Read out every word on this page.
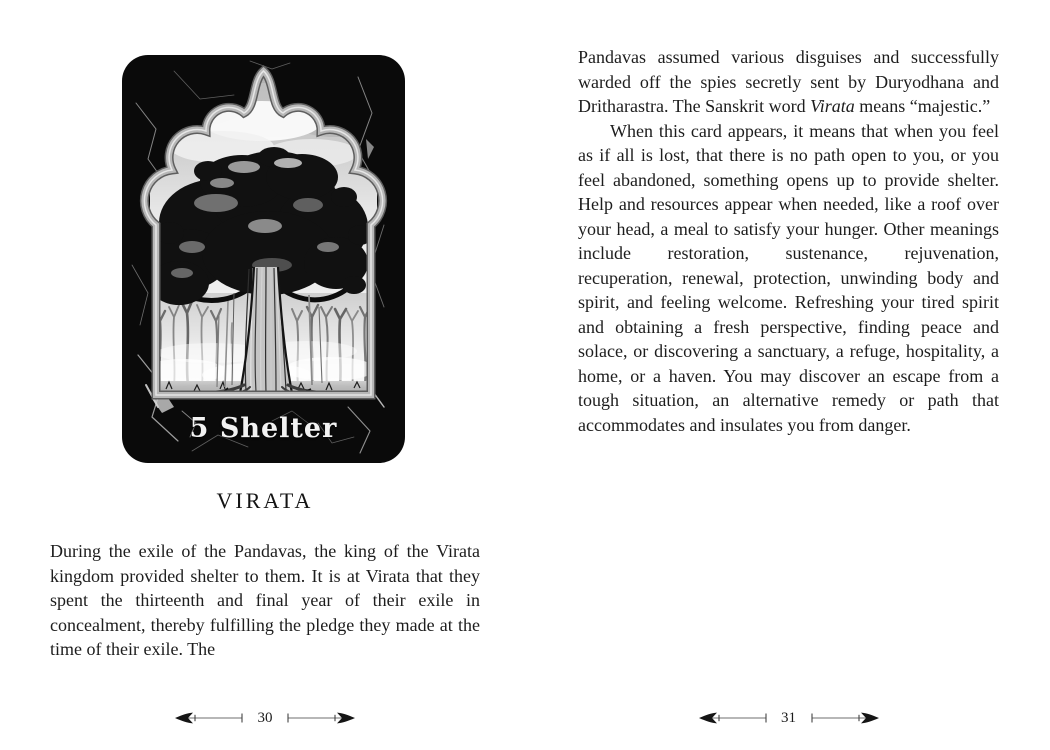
5 Shelter
VIRATA

During the exile of the Pandavas, the king of the Virata kingdom provided shelter to them. It is at Virata that they spent the thirteenth and final year of their exile in concealment, thereby fulfilling the pledge they made at the time of their exile. The

30

Pandavas assumed various disguises and successfully warded off the spies secretly sent by Duryodhana and Dritharastra. The Sanskrit word Virata means “majestic.”

When this card appears, it means that when you feel as if all is lost, that there is no path open to you, or you feel abandoned, something opens up to provide shelter. Help and resources appear when needed, like a roof over your head, a meal to satisfy your hunger. Other meanings include restoration, sustenance, rejuvenation, recuperation, renewal, protection, unwinding body and spirit, and feeling welcome. Refreshing your tired spirit and obtaining a fresh perspective, finding peace and solace, or discovering a sanctuary, a refuge, hospitality, a home, or a haven. You may discover an escape from a tough situation, an alternative remedy or path that accommodates and insulates you from danger.

31
